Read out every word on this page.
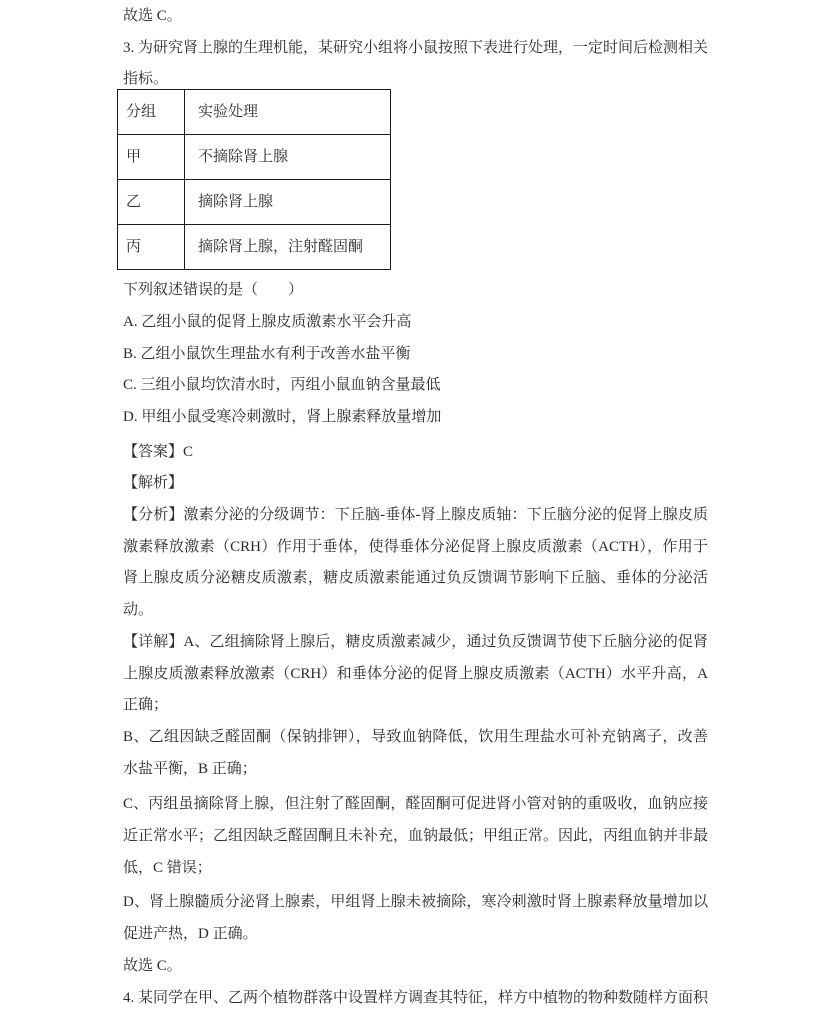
故选 C。

3. 为研究肾上腺的生理机能，某研究小组将小鼠按照下表进行处理，一定时间后检测相关指标。

分组	实验处理
甲	不摘除肾上腺
乙	摘除肾上腺
丙	摘除肾上腺，注射醛固酮

下列叙述错误的是（　　）

A. 乙组小鼠的促肾上腺皮质激素水平会升高

B. 乙组小鼠饮生理盐水有利于改善水盐平衡

C. 三组小鼠均饮清水时，丙组小鼠血钠含量最低

D. 甲组小鼠受寒冷刺激时，肾上腺素释放量增加

【答案】C

【解析】

【分析】激素分泌的分级调节：下丘脑-垂体-肾上腺皮质轴：下丘脑分泌的促肾上腺皮质激素释放激素（CRH）作用于垂体，使得垂体分泌促肾上腺皮质激素（ACTH），作用于肾上腺皮质分泌糖皮质激素，糖皮质激素能通过负反馈调节影响下丘脑、垂体的分泌活动。

【详解】A、乙组摘除肾上腺后，糖皮质激素减少，通过负反馈调节使下丘脑分泌的促肾上腺皮质激素释放激素（CRH）和垂体分泌的促肾上腺皮质激素（ACTH）水平升高，A 正确；

B、乙组因缺乏醛固酮（保钠排钾），导致血钠降低，饮用生理盐水可补充钠离子，改善水盐平衡，B 正确；

C、丙组虽摘除肾上腺，但注射了醛固酮，醛固酮可促进肾小管对钠的重吸收，血钠应接近正常水平；乙组因缺乏醛固酮且未补充，血钠最低；甲组正常。因此，丙组血钠并非最低，C 错误；

D、肾上腺髓质分泌肾上腺素，甲组肾上腺未被摘除，寒冷刺激时肾上腺素释放量增加以促进产热，D 正确。

故选 C。

4. 某同学在甲、乙两个植物群落中设置样方调查其特征，样方中植物的物种数随样方面积
